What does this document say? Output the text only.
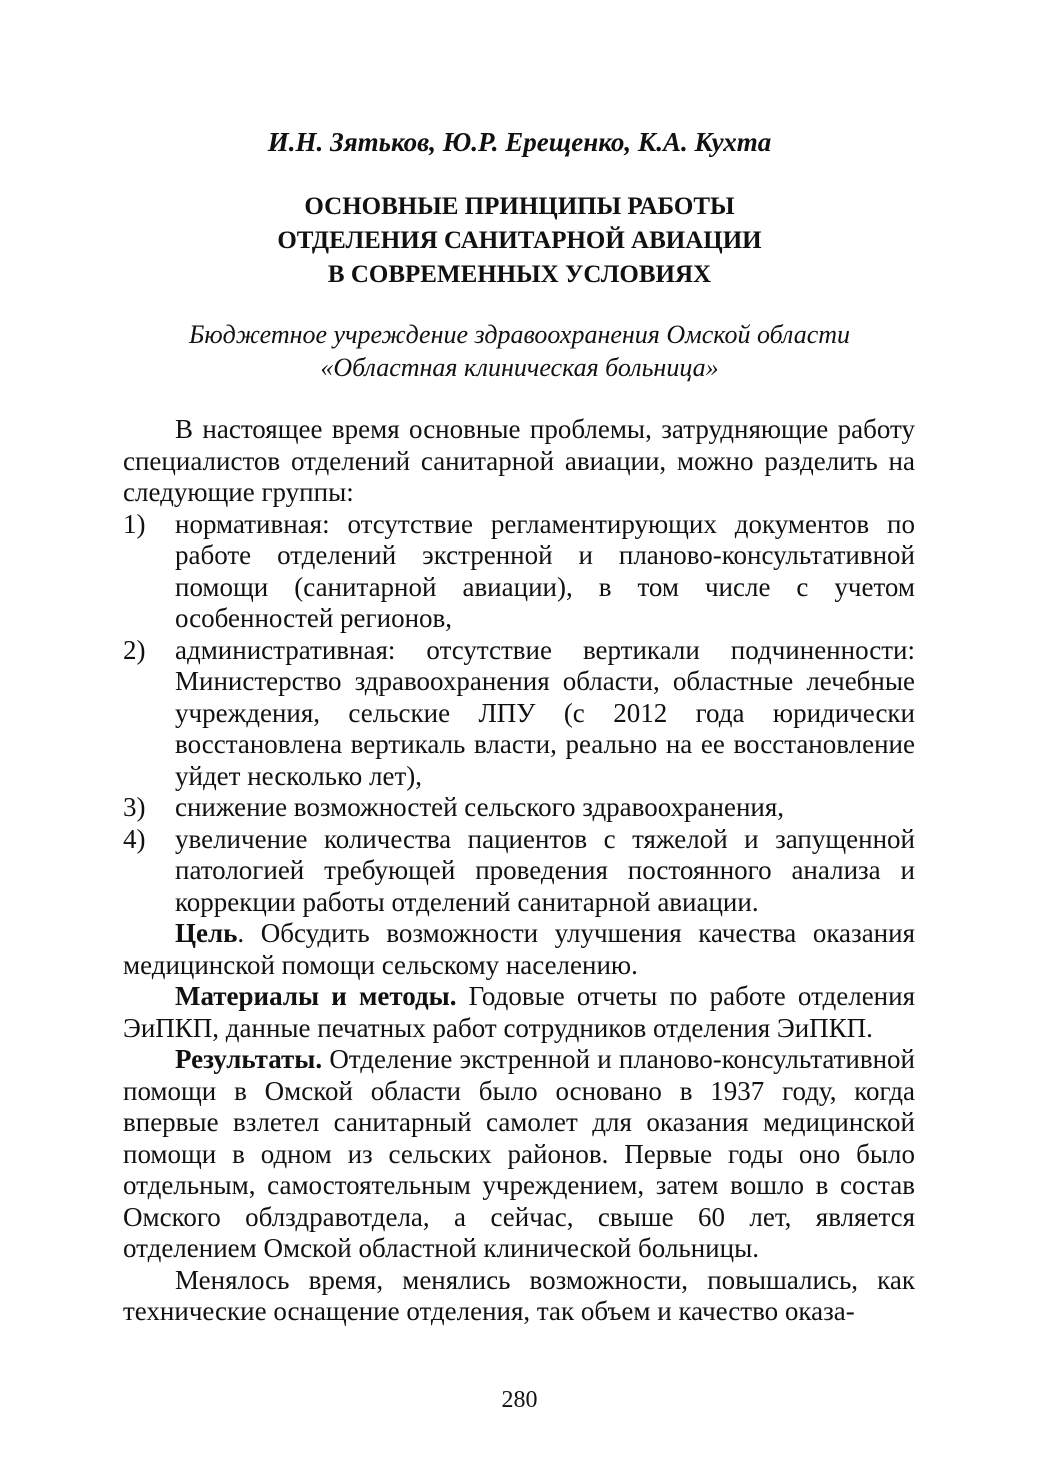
И.Н. Зятьков, Ю.Р. Ерещенко, К.А. Кухта

ОСНОВНЫЕ ПРИНЦИПЫ РАБОТЫ
ОТДЕЛЕНИЯ САНИТАРНОЙ АВИАЦИИ
В СОВРЕМЕННЫХ УСЛОВИЯХ

Бюджетное учреждение здравоохранения Омской области
«Областная клиническая больница»

В настоящее время основные проблемы, затрудняющие работу специалистов отделений санитарной авиации, можно разделить на следующие группы:

1) нормативная: отсутствие регламентирующих документов по работе отделений экстренной и планово-консультативной помощи (санитарной авиации), в том числе с учетом особенностей регионов,
2) административная: отсутствие вертикали подчиненности: Министерство здравоохранения области, областные лечебные учреждения, сельские ЛПУ (с 2012 года юридически восстановлена вертикаль власти, реально на ее восстановление уйдет несколько лет),
3) снижение возможностей сельского здравоохранения,
4) увеличение количества пациентов с тяжелой и запущенной патологией требующей проведения постоянного анализа и коррекции работы отделений санитарной авиации.

Цель. Обсудить возможности улучшения качества оказания медицинской помощи сельскому населению.

Материалы и методы. Годовые отчеты по работе отделения ЭиПКП, данные печатных работ сотрудников отделения ЭиПКП.

Результаты. Отделение экстренной и планово-консультативной помощи в Омской области было основано в 1937 году, когда впервые взлетел санитарный самолет для оказания медицинской помощи в одном из сельских районов. Первые годы оно было отдельным, самостоятельным учреждением, затем вошло в состав Омского облздравотдела, а сейчас, свыше 60 лет, является отделением Омской областной клинической больницы.

Менялось время, менялись возможности, повышались, как технические оснащение отделения, так объем и качество оказа-

280
